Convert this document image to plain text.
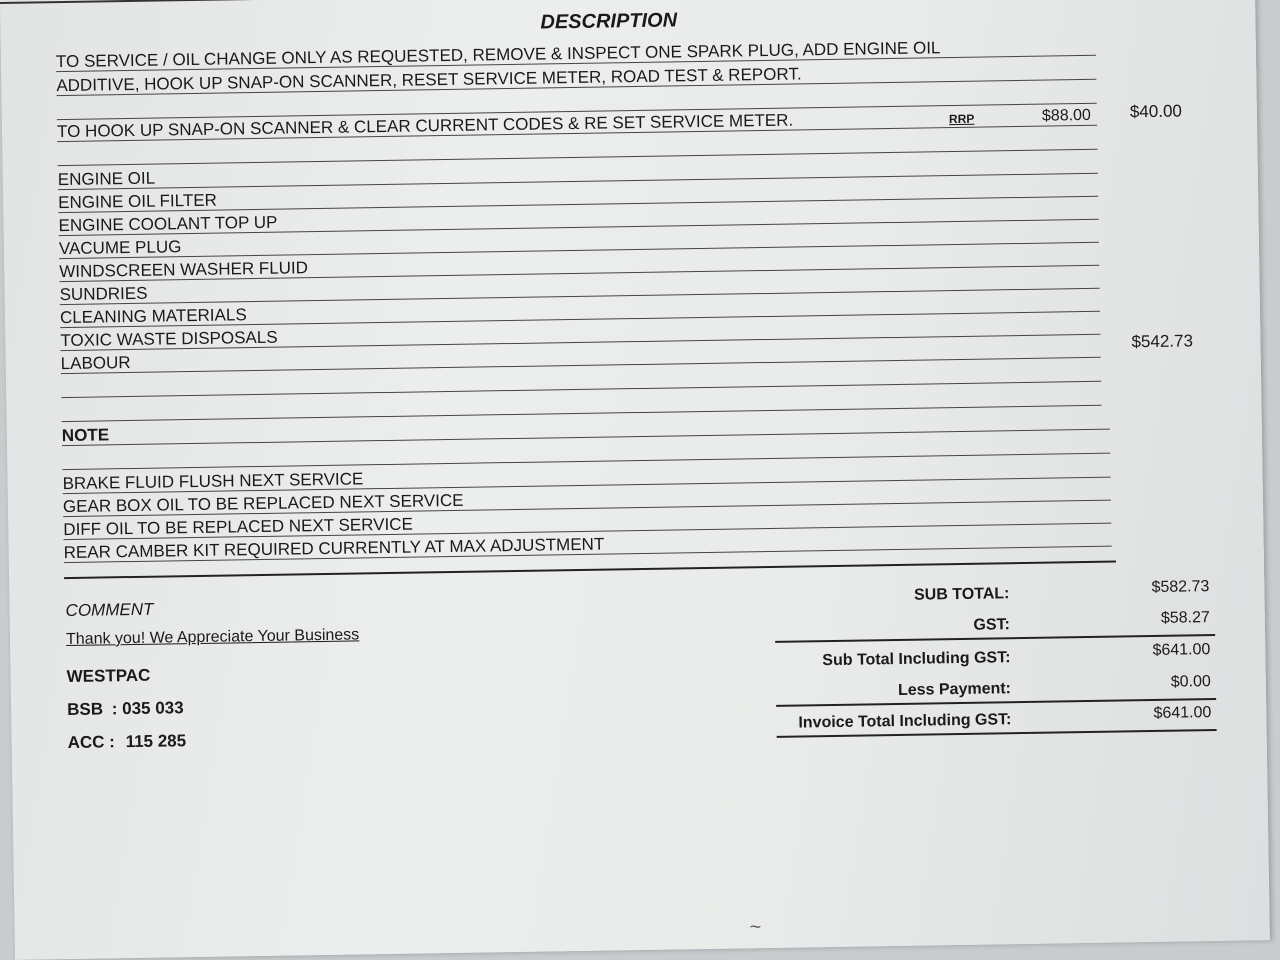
DESCRIPTION
TO SERVICE / OIL CHANGE ONLY AS REQUESTED, REMOVE & INSPECT ONE SPARK PLUG, ADD ENGINE OIL
ADDITIVE, HOOK UP SNAP-ON SCANNER, RESET SERVICE METER, ROAD TEST & REPORT.
TO HOOK UP SNAP-ON SCANNER & CLEAR CURRENT CODES & RE SET SERVICE METER.	RRP	$88.00 $40.00
ENGINE OIL
ENGINE OIL FILTER
ENGINE COOLANT TOP UP
VACUME PLUG
WINDSCREEN WASHER FLUID
SUNDRIES
CLEANING MATERIALS
TOXIC WASTE DISPOSALS
LABOUR
$542.73
NOTE
BRAKE FLUID FLUSH NEXT SERVICE
GEAR BOX OIL TO BE REPLACED NEXT SERVICE
DIFF OIL TO BE REPLACED NEXT SERVICE
REAR CAMBER KIT REQUIRED CURRENTLY AT MAX ADJUSTMENT
COMMENT
Thank you! We Appreciate Your Business
WESTPAC
BSB : 035 033
ACC : 115 285
SUB TOTAL:	$582.73
GST:	$58.27
Sub Total Including GST:	$641.00
Less Payment:	$0.00
Invoice Total Including GST:	$641.00
~
